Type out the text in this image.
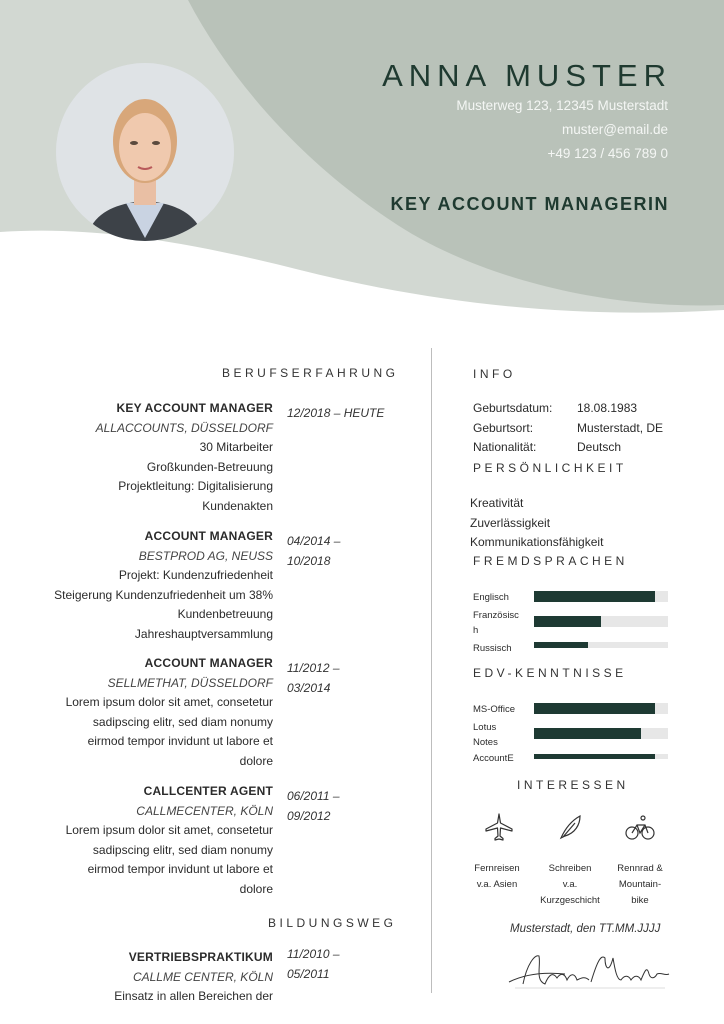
ANNA MUSTER
Musterweg 123, 12345 Musterstadt
muster@email.de
+49 123 / 456 789 0
KEY ACCOUNT MANAGERIN
BERUFSERFAHRUNG
KEY ACCOUNT MANAGER
ALLACCOUNTS, DÜSSELDORF
30 Mitarbeiter
Großkunden-Betreuung
Projektleitung: Digitalisierung
Kundenakten
12/2018 – HEUTE
ACCOUNT MANAGER
BESTPROD AG, NEUSS
Projekt: Kundenzufriedenheit
Steigerung Kundenzufriedenheit um 38%
Kundenbetreuung
Jahreshauptversammlung
04/2014 –
10/2018
ACCOUNT MANAGER
SELLMETHAT, DÜSSELDORF
Lorem ipsum dolor sit amet, consetetur
sadipscing elitr, sed diam nonumy
eirmod tempor invidunt ut labore et
dolore
11/2012 –
03/2014
CALLCENTER AGENT
CALLMECENTER, KÖLN
Lorem ipsum dolor sit amet, consetetur
sadipscing elitr, sed diam nonumy
eirmod tempor invidunt ut labore et
dolore
06/2011 –
09/2012
BILDUNGSWEG
VERTRIEBSPRAKTIKUM
CALLME CENTER, KÖLN
Einsatz in allen Bereichen der
11/2010 –
05/2011
INFO
Geburtsdatum: 18.08.1983
Geburtsort:	Musterstadt, DE
Nationalität:	Deutsch
PERSÖNLICHKEIT
Kreativität
Zuverlässigkeit
Kommunikationsfähigkeit
FREMDSPRACHEN
Englisch
Französisc
h
Russisch
EDV-KENNTNISSE
MS-Office
Lotus
Notes
AccountE
INTERESSEN
Fernreisen
v.a. Asien
Schreiben
v.a.
Kurzgeschicht
Rennrad &
Mountain-
bike
Musterstadt, den TT.MM.JJJJ
